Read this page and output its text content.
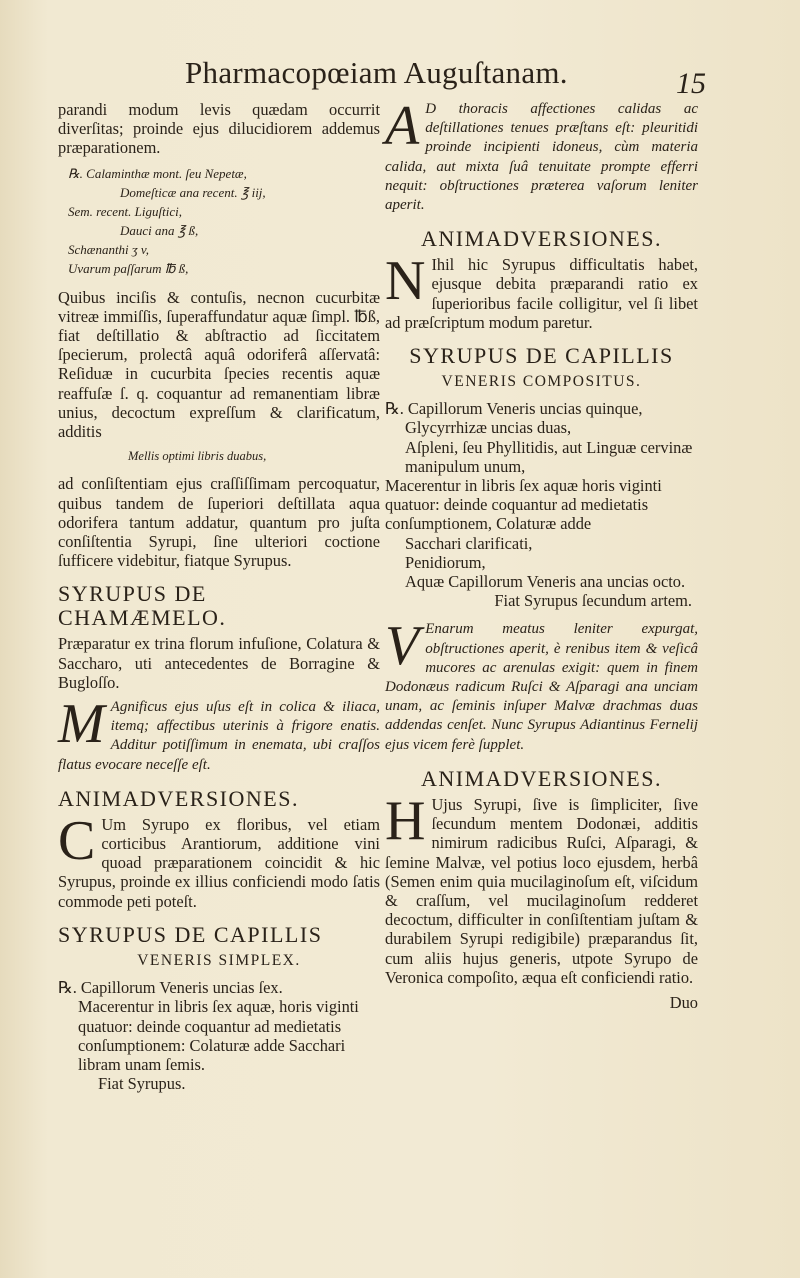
Pharmacopœiam Auguſtanam.	15

parandi modum levis quædam occurrit diverſitas; proinde ejus dilucidiorem addemus præparationem.

℞. Calaminthæ mont. ſeu Nepetæ,
Domeſticæ ana recent. ℥ iij,
Sem. recent. Liguſtici,
Dauci ana ℥ ß,
Schænanthi ʒ v,
Uvarum paſſarum ℔ ß,

Quibus inciſis & contuſis, necnon cucurbitæ vitreæ immiſſis, ſuperaffundatur aquæ ſimpl. ℔ß, fiat deſtillatio & abſtractio ad ſiccitatem ſpecierum, prolectâ aquâ odoriferâ aſſervatâ: Reſiduæ in cucurbita ſpecies recentis aquæ reaffuſæ ſ. q. coquantur ad remanentiam libræ unius, decoctum expreſſum & clarificatum, additis

Mellis optimi libris duabus,

ad conſiſtentiam ejus craſſiſſimam percoquatur, quibus tandem de ſuperiori deſtillata aqua odorifera tantum addatur, quantum pro juſta conſiſtentia Syrupi, ſine ulteriori coctione ſufficere videbitur, fiatque Syrupus.

SYRUPUS DE CHAMÆMELO.

Præparatur ex trina florum infuſione, Colatura & Saccharo, uti antecedentes de Borragine & Bugloſſo.

M Agnificus ejus uſus eſt in colica & iliaca, itemq; affectibus uterinis à frigore enatis. Additur potiſſimum in enemata, ubi craſſos flatus evocare neceſſe eſt.

ANIMADVERSIONES.

C Um Syrupo ex floribus, vel etiam corticibus Arantiorum, additione vini quoad præparationem coincidit & hic Syrupus, proinde ex illius conficiendi modo ſatis commode peti poteſt.

SYRUPUS DE CAPILLIS
VENERIS SIMPLEX.
℞. Capillorum Veneris uncias ſex.
Macerentur in libris ſex aquæ, horis viginti quatuor: deinde coquantur ad medietatis conſumptionem: Colaturæ adde Sacchari libram unam ſemis.
Fiat Syrupus.

A D thoracis affectiones calidas ac deſtillationes tenues præſtans eſt: pleuritidi proinde incipienti idoneus, cùm materia calida, aut mixta ſuâ tenuitate prompte efferri nequit: obſtructiones præterea vaſorum leniter aperit.

ANIMADVERSIONES.

N Ihil hic Syrupus difficultatis habet, ejusque debita præparandi ratio ex ſuperioribus facile colligitur, vel ſi libet ad præſcriptum modum paretur.

SYRUPUS DE CAPILLIS
VENERIS COMPOSITUS.
℞. Capillorum Veneris uncias quinque,
Glycyrrhizæ uncias duas,
Aſpleni, ſeu Phyllitidis, aut Linguæ cervinæ manipulum unum,
Macerentur in libris ſex aquæ horis viginti quatuor: deinde coquantur ad medietatis conſumptionem, Colaturæ adde
Sacchari clarificati,
Penidiorum,
Aquæ Capillorum Veneris ana uncias octo.
Fiat Syrupus ſecundum artem.

V Enarum meatus leniter expurgat, obſtructiones aperit, è renibus item & veſicâ mucores ac arenulas exigit: quem in finem Dodonæus radicum Ruſci & Aſparagi ana unciam unam, ac ſeminis inſuper Malvæ drachmas duas addendas cenſet. Nunc Syrupus Adiantinus Fernelij ejus vicem ferè ſupplet.

ANIMADVERSIONES.

H Ujus Syrupi, ſive is ſimpliciter, ſive ſecundum mentem Dodonæi, additis nimirum radicibus Ruſci, Aſparagi, & ſemine Malvæ, vel potius loco ejusdem, herbâ (Semen enim quia mucilaginoſum eſt, viſcidum & craſſum, vel mucilaginoſum redderet decoctum, difficulter in conſiſtentiam juſtam & durabilem Syrupi redigibile) præparandus ſit, cum aliis hujus generis, utpote Syrupo de Veronica compoſito, æqua eſt conficiendi ratio.

Duo
